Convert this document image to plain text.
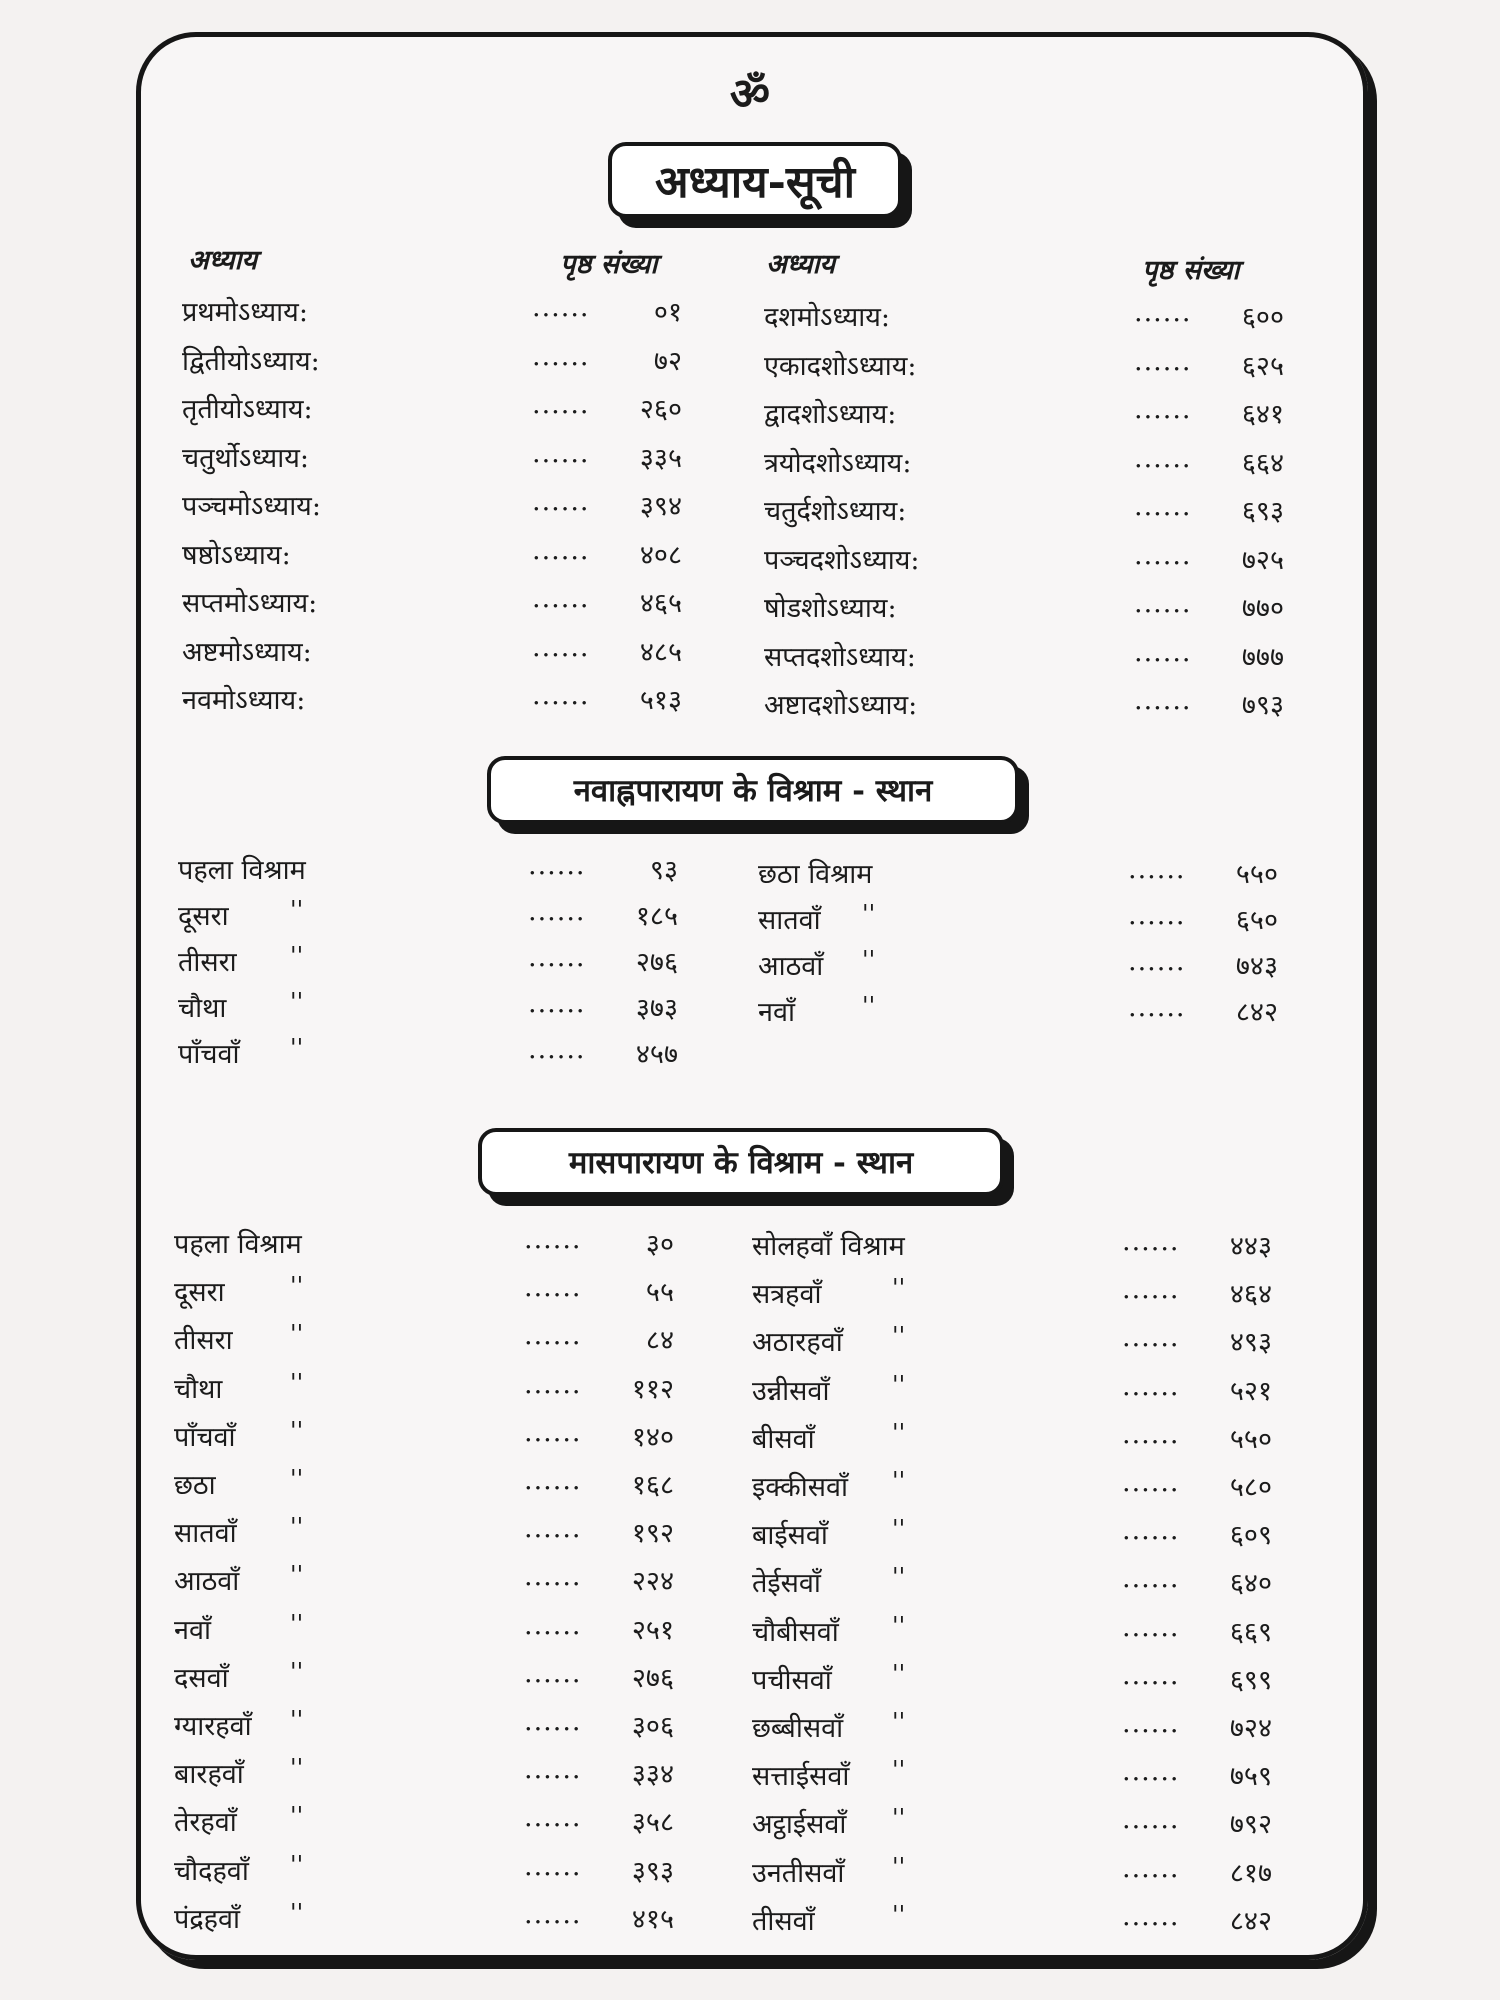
ॐ
अध्याय-सूची
अध्याय	पृष्ठ संख्या	अध्याय	पृष्ठ संख्या
प्रथमोऽध्याय:	......	०१
द्वितीयोऽध्याय:	......	७२
तृतीयोऽध्याय:	......	२६०
चतुर्थोऽध्याय:	......	३३५
पञ्चमोऽध्याय:	......	३९४
षष्ठोऽध्याय:	......	४०८
सप्तमोऽध्याय:	......	४६५
अष्टमोऽध्याय:	......	४८५
नवमोऽध्याय:	......	५१३
दशमोऽध्याय:	......	६००
एकादशोऽध्याय:	......	६२५
द्वादशोऽध्याय:	......	६४१
त्रयोदशोऽध्याय:	......	६६४
चतुर्दशोऽध्याय:	......	६९३
पञ्चदशोऽध्याय:	......	७२५
षोडशोऽध्याय:	......	७७०
सप्तदशोऽध्याय:	......	७७७
अष्टादशोऽध्याय:	......	७९३
नवाह्नपारायण के विश्राम - स्थान
पहला विश्राम	......	९३
दूसरा	''	......	१८५
तीसरा ''	......	२७६
चौथा	''	......	३७३
पाँचवाँ ''	......	४५७
छठा विश्राम	......	५५०
सातवाँ ''	......	६५०
आठवाँ ''	......	७४३
नवाँ	''	......	८४२
मासपारायण के विश्राम - स्थान
पहला विश्राम	......	३०
दूसरा	''	......	५५
तीसरा ''	......	८४
चौथा	''	......	११२
पाँचवाँ ''	......	१४०
छठा	''	......	१६८
सातवाँ ''	......	१९२
आठवाँ ''	......	२२४
नवाँ	''	......	२५१
दसवाँ	''	......	२७६
ग्यारहवाँ ''	......	३०६
बारहवाँ ''	......	३३४
तेरहवाँ ''	......	३५८
चौदहवाँ ''	......	३९३
पंद्रहवाँ ''	......	४१५
सोलहवाँ विश्राम	......	४४३
सत्रहवाँ	''	......	४६४
अठारहवाँ ''	......	४९३
उन्नीसवाँ	''	......	५२१
बीसवाँ	''	......	५५०
इक्कीसवाँ ''	......	५८०
बाईसवाँ	''	......	६०९
तेईसवाँ	''	......	६४०
चौबीसवाँ ''	......	६६९
पचीसवाँ	''	......	६९९
छब्बीसवाँ ''	......	७२४
सत्ताईसवाँ ''	......	७५९
अट्ठाईसवाँ ''	......	७९२
उनतीसवाँ ''	......	८१७
तीसवाँ	''	......	८४२
